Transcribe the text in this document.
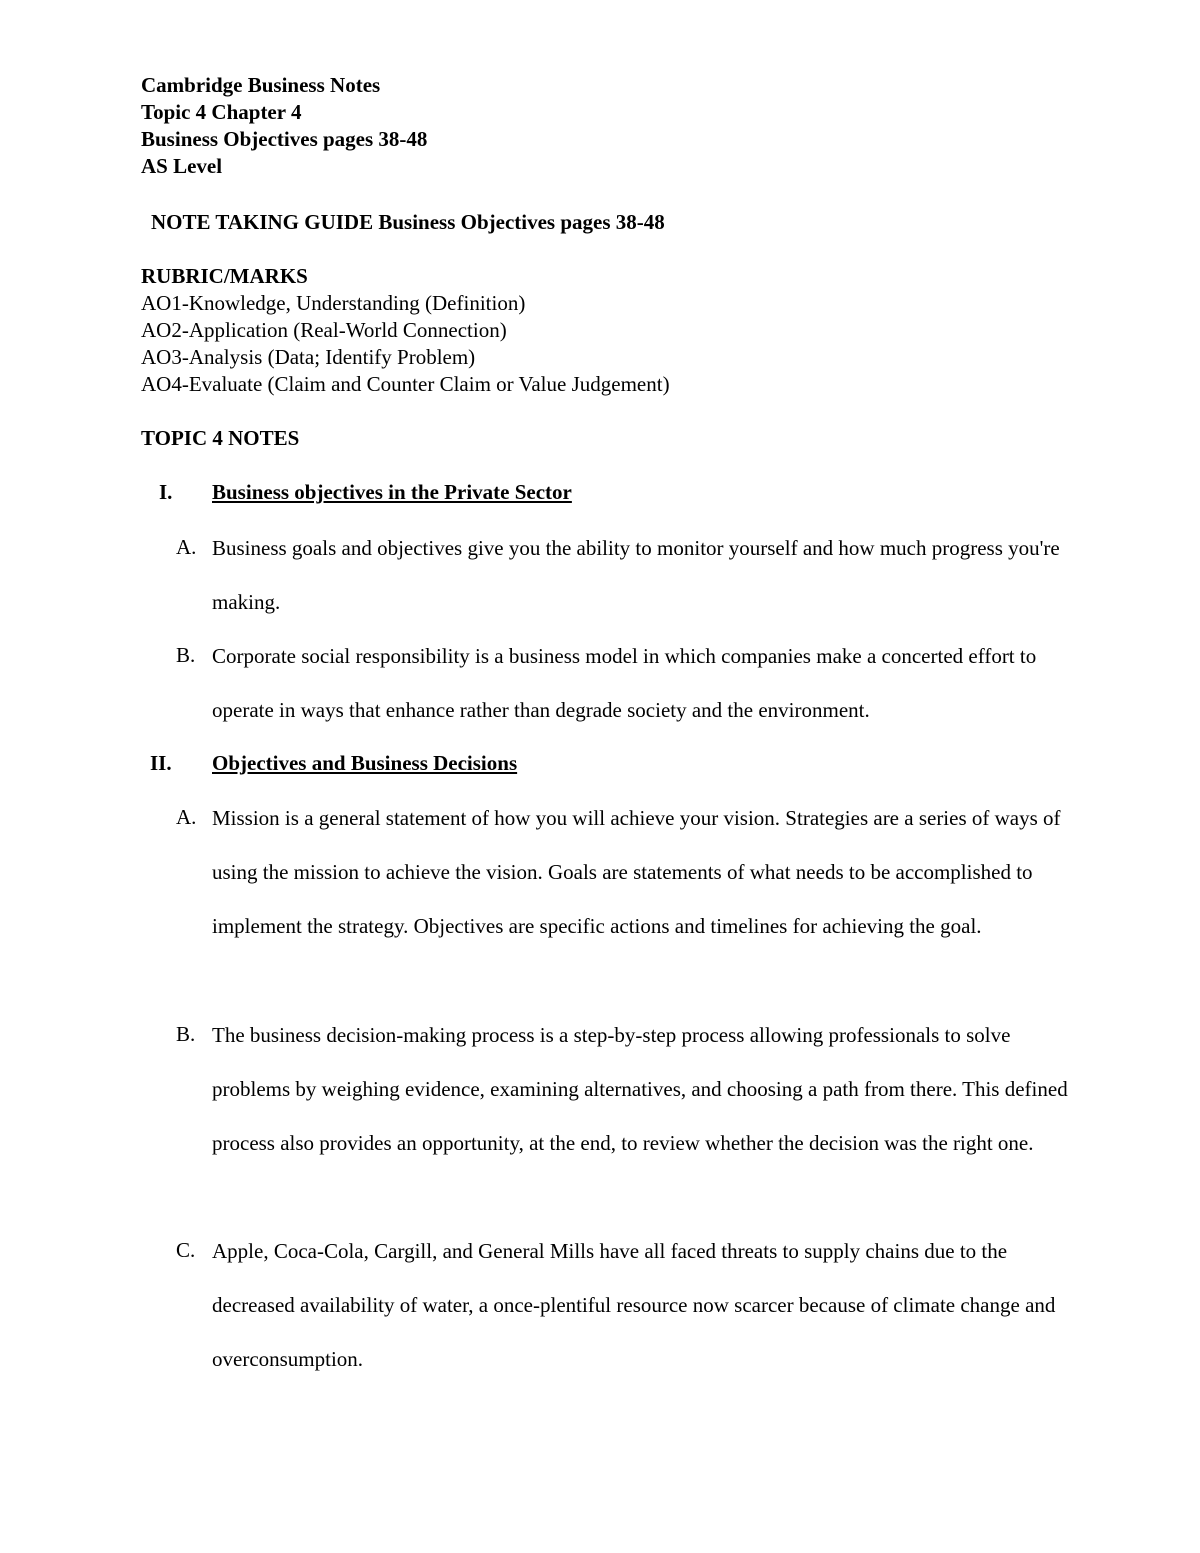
Cambridge Business Notes

Topic 4 Chapter 4

Business Objectives pages 38-48

AS Level

NOTE TAKING GUIDE Business Objectives pages 38-48

RUBRIC/MARKS

AO1-Knowledge, Understanding (Definition)

AO2-Application (Real-World Connection)

AO3-Analysis (Data; Identify Problem)

AO4-Evaluate (Claim and Counter Claim or Value Judgement)

TOPIC 4 NOTES

I. Business objectives in the Private Sector

A. Business goals and objectives give you the ability to monitor yourself and how much progress you're making.

B. Corporate social responsibility is a business model in which companies make a concerted effort to operate in ways that enhance rather than degrade society and the environment.

II. Objectives and Business Decisions

A. Mission is a general statement of how you will achieve your vision. Strategies are a series of ways of using the mission to achieve the vision. Goals are statements of what needs to be accomplished to implement the strategy. Objectives are specific actions and timelines for achieving the goal.

B. The business decision-making process is a step-by-step process allowing professionals to solve problems by weighing evidence, examining alternatives, and choosing a path from there. This defined process also provides an opportunity, at the end, to review whether the decision was the right one.

C. Apple, Coca-Cola, Cargill, and General Mills have all faced threats to supply chains due to the decreased availability of water, a once-plentiful resource now scarcer because of climate change and overconsumption.
